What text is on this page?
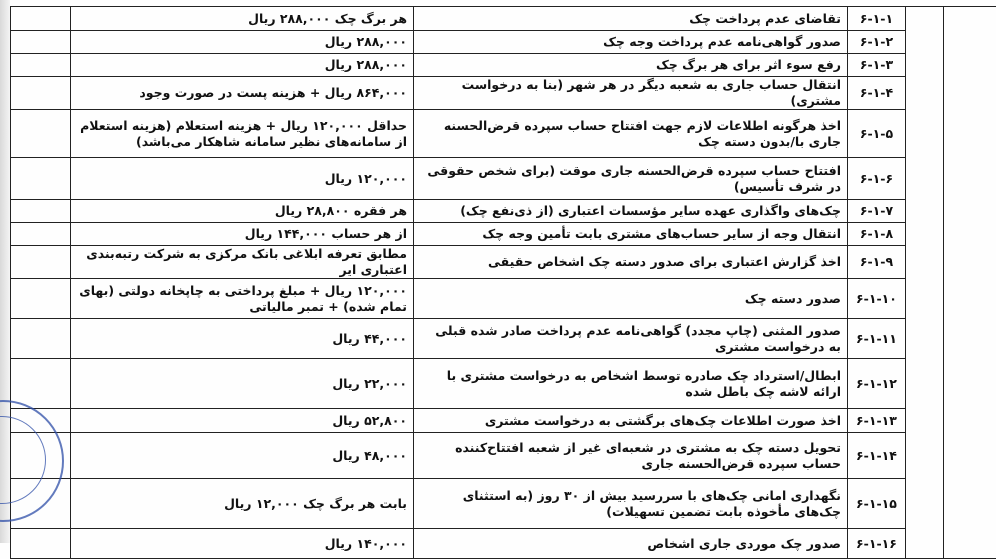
		۶-۱-۱	تقاضای عدم پرداخت چک	هر برگ چک ۲۸۸,۰۰۰ ریال	
		۶-۱-۲	صدور گواهی‌نامه عدم پرداخت وجه چک	۲۸۸,۰۰۰ ریال	
		۶-۱-۳	رفع سوء اثر برای هر برگ چک	۲۸۸,۰۰۰ ریال	
		۶-۱-۴	انتقال حساب جاری به شعبه دیگر در هر شهر (بنا به درخواست مشتری)	۸۶۴,۰۰۰ ریال + هزینه پست در صورت وجود	
		۶-۱-۵	اخذ هرگونه اطلاعات لازم جهت افتتاح حساب سپرده قرض‌الحسنه جاری با/بدون دسته چک	حداقل ۱۲۰,۰۰۰ ریال + هزینه استعلام (هزینه استعلام از سامانه‌های نظیر سامانه شاهکار می‌باشد)	
		۶-۱-۶	افتتاح حساب سپرده قرض‌الحسنه جاری موقت (برای شخص حقوقی در شرف تأسیس)	۱۲۰,۰۰۰ ریال	
		۶-۱-۷	چک‌های واگذاری عهده سایر مؤسسات اعتباری (از ذی‌نفع چک)	هر فقره ۲۸,۸۰۰ ریال	
		۶-۱-۸	انتقال وجه از سایر حساب‌های مشتری بابت تأمین وجه چک	از هر حساب ۱۴۴,۰۰۰ ریال	
		۶-۱-۹	اخذ گزارش اعتباری برای صدور دسته چک اشخاص حقیقی	مطابق تعرفه ابلاغی بانک مرکزی به شرکت رتبه‌بندی اعتباری ایر	
		۶-۱-۱۰	صدور دسته چک	۱۲۰,۰۰۰ ریال + مبلغ پرداختی به چاپخانه دولتی (بهای تمام شده) + تمبر مالیاتی	
		۶-۱-۱۱	صدور المثنی (چاپ مجدد) گواهی‌نامه عدم پرداخت صادر شده قبلی به درخواست مشتری	۴۴,۰۰۰ ریال	
		۶-۱-۱۲	ابطال/استرداد چک صادره توسط اشخاص به درخواست مشتری با ارائه لاشه چک باطل شده	۲۲,۰۰۰ ریال	
		۶-۱-۱۳	اخذ صورت اطلاعات چک‌های برگشتی به درخواست مشتری	۵۲,۸۰۰ ریال	
		۶-۱-۱۴	تحویل دسته چک به مشتری در شعبه‌ای غیر از شعبه افتتاح‌کننده حساب سپرده قرض‌الحسنه جاری	۴۸,۰۰۰ ریال	
		۶-۱-۱۵	نگهداری امانی چک‌های با سررسید بیش از ۳۰ روز (به استثنای چک‌های مأخوذه بابت تضمین تسهیلات)	بابت هر برگ چک ۱۲,۰۰۰ ریال	
		۶-۱-۱۶	صدور چک موردی جاری اشخاص	۱۴۰,۰۰۰ ریال	
